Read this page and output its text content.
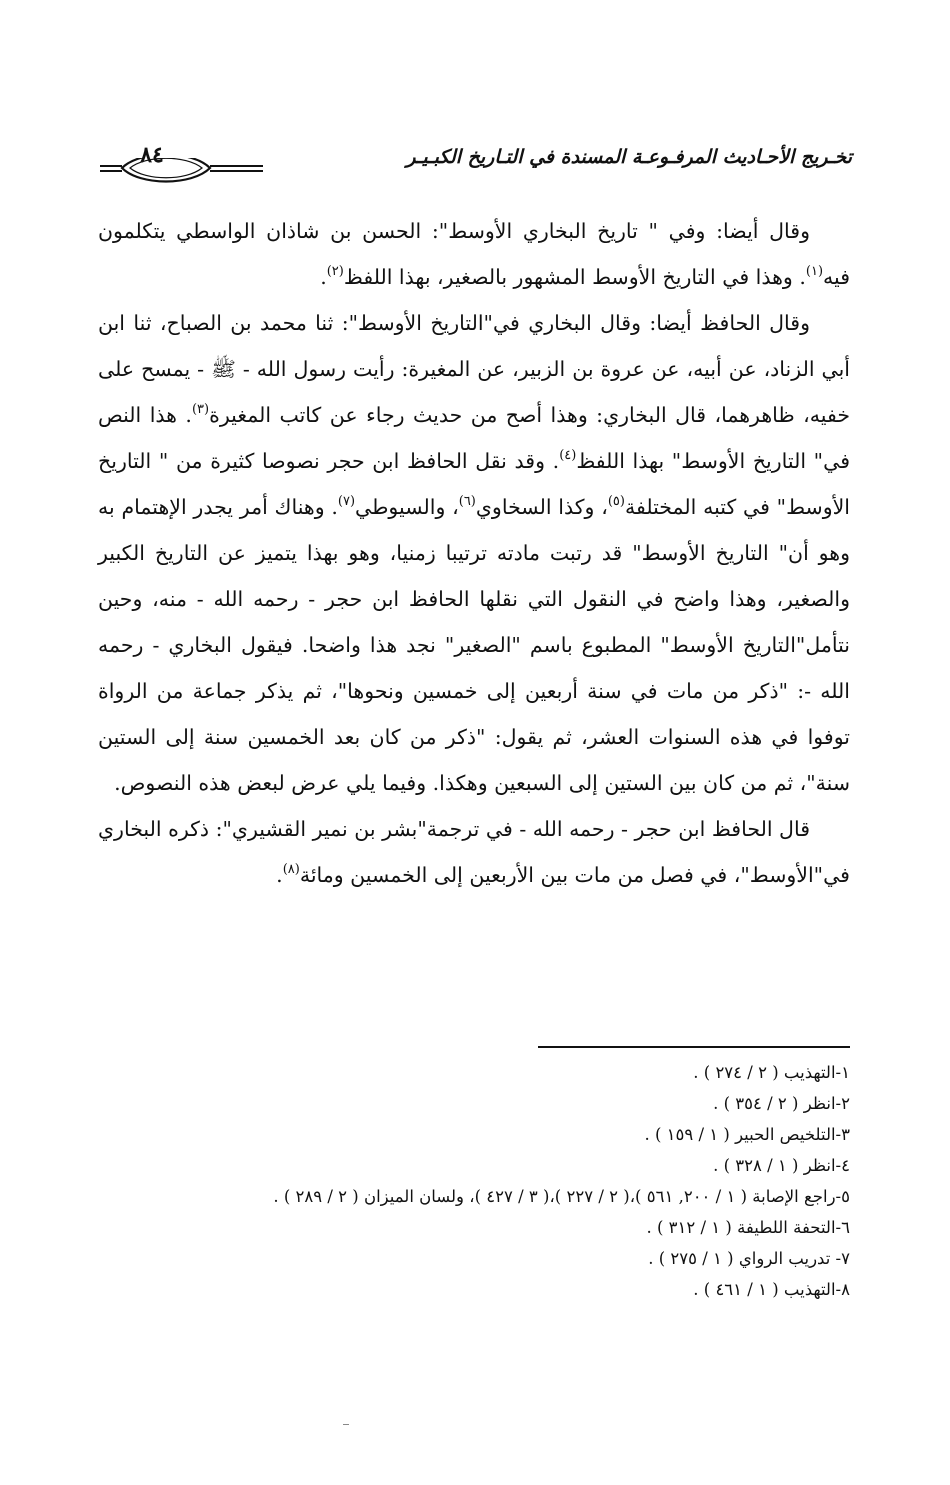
٨٤	تخـريج الأحـاديث المرفـوعـة المسندة في التـاريخ الكبـيـر

وقال أيضا: وفي " تاريخ البخاري الأوسط": الحسن بن شاذان الواسطي يتكلمون فيه$^{(١)}$. وهذا في التاريخ الأوسط المشهور بالصغير، بهذا اللفظ$^{(٢)}$.

وقال الحافظ أيضا: وقال البخاري في"التاريخ الأوسط": ثنا محمد بن الصباح، ثنا ابن أبي الزناد، عن أبيه، عن عروة بن الزبير، عن المغيرة: رأيت رسول الله - ﷺ - يمسح على خفيه، ظاهرهما، قال البخاري: وهذا أصح من حديث رجاء عن كاتب المغيرة$^{(٣)}$. هذا النص في" التاريخ الأوسط" بهذا اللفظ$^{(٤)}$. وقد نقل الحافظ ابن حجر نصوصا كثيرة من " التاريخ الأوسط" في كتبه المختلفة$^{(٥)}$، وكذا السخاوي$^{(٦)}$، والسيوطي$^{(٧)}$. وهناك أمر يجدر الإهتمام به وهو أن" التاريخ الأوسط" قد رتبت مادته ترتيبا زمنيا، وهو بهذا يتميز عن التاريخ الكبير والصغير، وهذا واضح في النقول التي نقلها الحافظ ابن حجر - رحمه الله - منه، وحين نتأمل"التاريخ الأوسط" المطبوع باسم "الصغير" نجد هذا واضحا. فيقول البخاري - رحمه الله -: "ذكر من مات في سنة أربعين إلى خمسين ونحوها"، ثم يذكر جماعة من الرواة توفوا في هذه السنوات العشر، ثم يقول: "ذكر من كان بعد الخمسين سنة إلى الستين سنة"، ثم من كان بين الستين إلى السبعين وهكذا. وفيما يلي عرض لبعض هذه النصوص.

قال الحافظ ابن حجر - رحمه الله - في ترجمة"بشر بن نمير القشيري": ذكره البخاري في"الأوسط"، في فصل من مات بين الأربعين إلى الخمسين ومائة$^{(٨)}$.

١-التهذيب ( ٢ / ٢٧٤ ) .
٢-انظر ( ٢ / ٣٥٤ ) .
٣-التلخيص الحبير ( ١ / ١٥٩ ) .
٤-انظر ( ١ / ٣٢٨ ) .
٥-راجع الإصابة ( ١ / ٢٠٠, ٥٦١ )،( ٢ / ٢٢٧ )،( ٣ / ٤٢٧ )، ولسان الميزان ( ٢ / ٢٨٩ ) .
٦-التحفة اللطيفة ( ١ / ٣١٢ ) .
٧- تدريب الرواي ( ١ / ٢٧٥ ) .
٨-التهذيب ( ١ / ٤٦١ ) .
